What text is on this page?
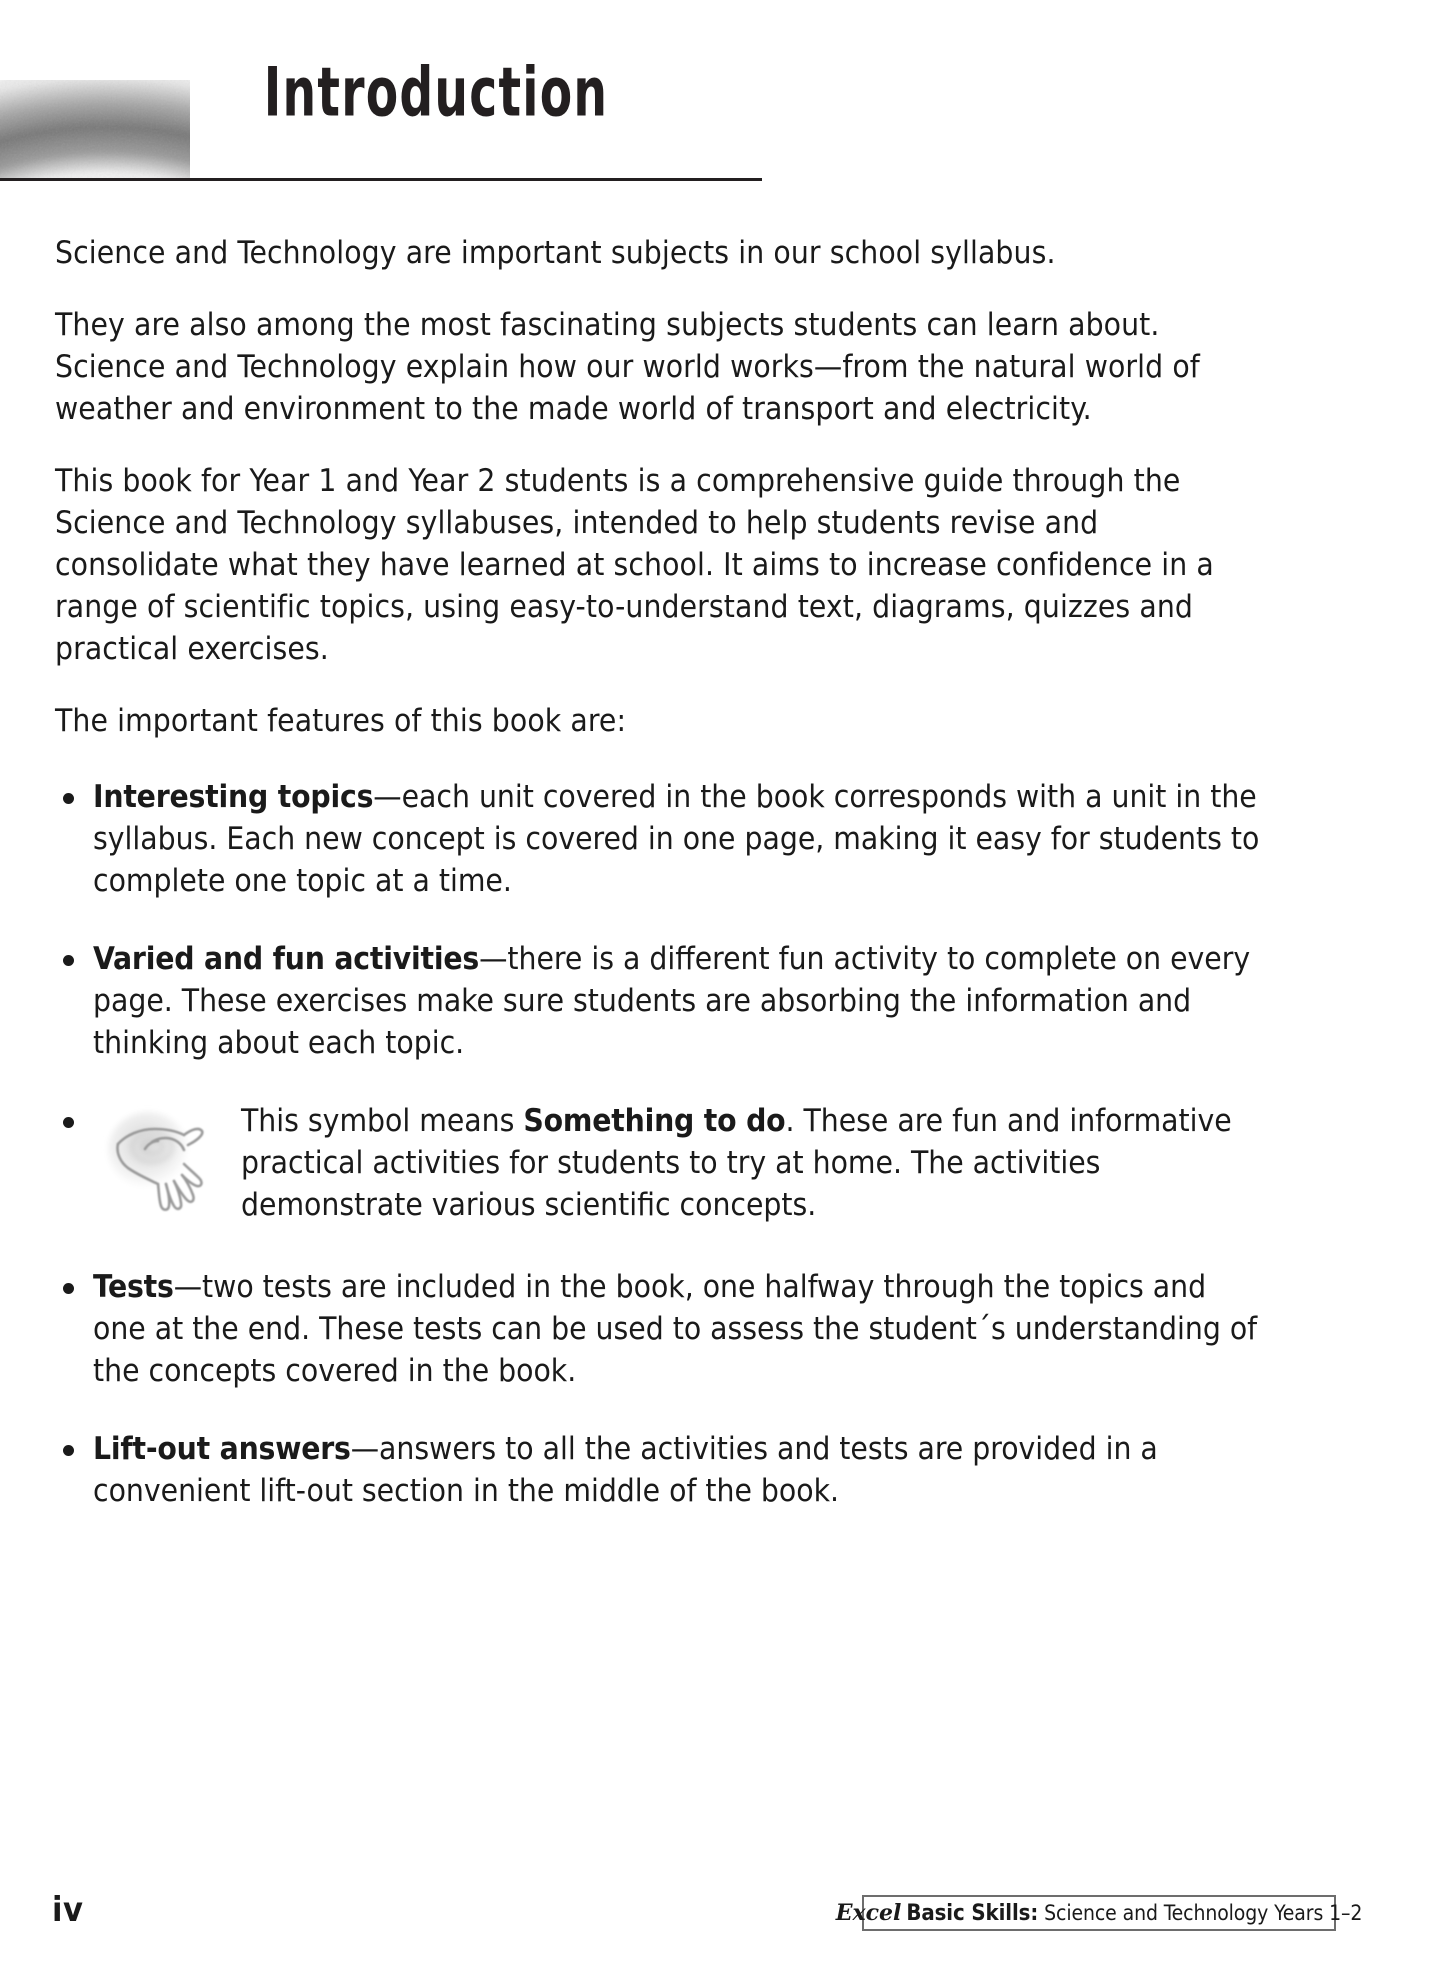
Introduction

Science and Technology are important subjects in our school syllabus.

They are also among the most fascinating subjects students can learn about. Science and Technology explain how our world works—from the natural world of weather and environment to the made world of transport and electricity.

This book for Year 1 and Year 2 students is a comprehensive guide through the Science and Technology syllabuses, intended to help students revise and consolidate what they have learned at school. It aims to increase confidence in a range of scientific topics, using easy-to-understand text, diagrams, quizzes and practical exercises.

The important features of this book are:

Interesting topics—each unit covered in the book corresponds with a unit in the syllabus. Each new concept is covered in one page, making it easy for students to complete one topic at a time.
Varied and fun activities—there is a different fun activity to complete on every page. These exercises make sure students are absorbing the information and thinking about each topic.
This symbol means Something to do. These are fun and informative practical activities for students to try at home. The activities demonstrate various scientific concepts.
Tests—two tests are included in the book, one halfway through the topics and one at the end. These tests can be used to assess the student´s understanding of the concepts covered in the book.
Lift-out answers—answers to all the activities and tests are provided in a convenient lift-out section in the middle of the book.
iv	Excel Basic Skills: Science and Technology Years 1–2
